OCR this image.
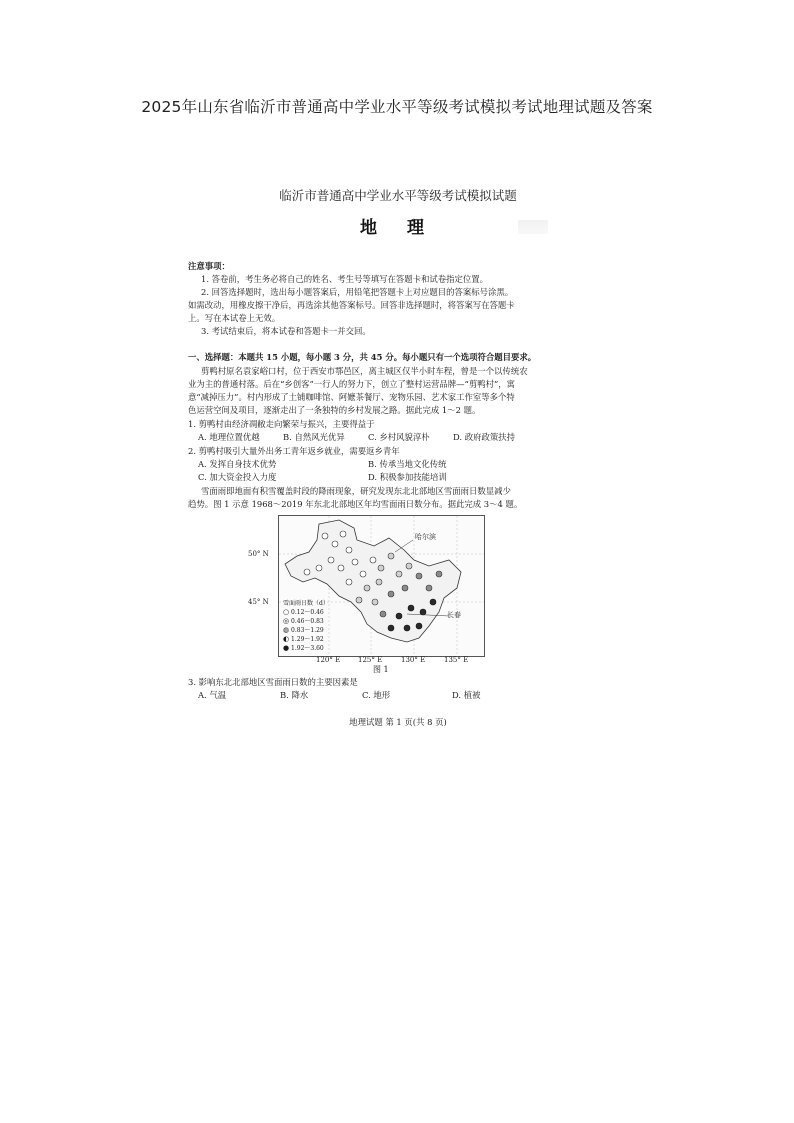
2025年山东省临沂市普通高中学业水平等级考试模拟考试地理试题及答案
临沂市普通高中学业水平等级考试模拟试题
地 理
注意事项：
1. 答卷前，考生务必将自己的姓名、考生号等填写在答题卡和试卷指定位置。
2. 回答选择题时，选出每小题答案后，用铅笔把答题卡上对应题目的答案标号涂黑。
如需改动，用橡皮擦干净后，再选涂其他答案标号。回答非选择题时，将答案写在答题卡
上。写在本试卷上无效。
3. 考试结束后，将本试卷和答题卡一并交回。
一、选择题：本题共 15 小题，每小题 3 分，共 45 分。每小题只有一个选项符合题目要求。
剪鸭村原名袁家峪口村，位于西安市鄠邑区，离主城区仅半小时车程，曾是一个以传统农
业为主的普通村落。后在“乡创客”一行人的努力下，创立了整村运营品牌—“剪鸭村”，寓
意“减掉压力”。村内形成了土铺咖啡馆、阿嬷茶餐厅、宠物乐园、艺术家工作室等多个特
色运营空间及项目，逐渐走出了一条独特的乡村发展之路。据此完成 1～2 题。
1. 剪鸭村由经济凋敝走向繁荣与振兴，主要得益于
A. 地理位置优越	B. 自然风光优异	C. 乡村风貌淳朴	D. 政府政策扶持
2. 剪鸭村吸引大量外出务工青年返乡就业，需要返乡青年
A. 发挥自身技术优势	B. 传承当地文化传统
C. 加大资金投入力度	D. 积极参加技能培训
雪面雨即地面有积雪覆盖时段的降雨现象，研究发现东北北部地区雪面雨日数显减少
趋势。图 1 示意 1968～2019 年东北北部地区年均雪面雨日数分布。据此完成 3～4 题。
50° N
45° N
哈尔滨
长春
雪面雨日数（d）
○ 0.12～0.46
◎ 0.46～0.83
◍ 0.83～1.29
◐ 1.29～1.92
● 1.92～3.60
120° E	125° E	130° E	135° E
图 1
3. 影响东北北部地区雪面雨日数的主要因素是
A. 气温	B. 降水	C. 地形	D. 植被
地理试题 第 1 页(共 8 页)
